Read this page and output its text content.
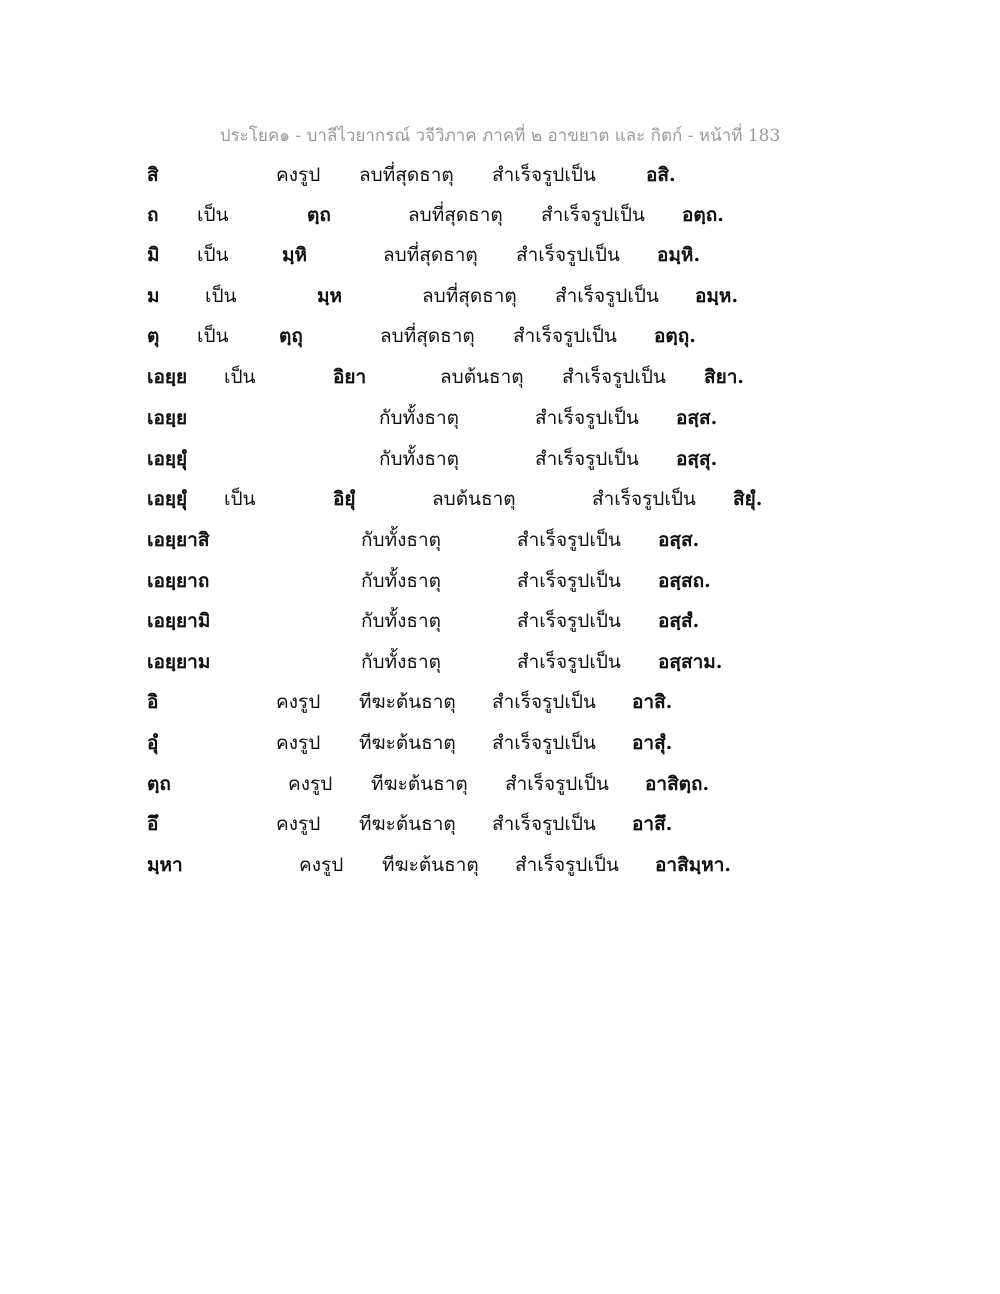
ประโยค๑ - บาลีไวยากรณ์ วจีวิภาค ภาคที่ ๒ อาขยาต และ กิตก์ - หน้าที่ 183
สิ	คงรูป ลบที่สุดธาตุ สำเร็จรูปเป็น	อสิ.
ถ เป็น	ตฺถ	ลบที่สุดธาตุ สำเร็จรูปเป็น อตฺถ.
มิ เป็น	มฺหิ	ลบที่สุดธาตุ สำเร็จรูปเป็น อมฺหิ.
ม เป็น	มฺห	ลบที่สุดธาตุ สำเร็จรูปเป็น อมฺห.
ตุ เป็น	ตฺถุ	ลบที่สุดธาตุ สำเร็จรูปเป็น อตฺถุ.
เอยฺย เป็น	อิยา	ลบต้นธาตุ สำเร็จรูปเป็น สิยา.
เอยฺย	กับทั้งธาตุ	สำเร็จรูปเป็น อสฺส.
เอยฺยุํ	กับทั้งธาตุ	สำเร็จรูปเป็น อสฺสุ.
เอยฺยุํ เป็น	อิยุํ	ลบต้นธาตุ	สำเร็จรูปเป็น สิยุํ.
เอยฺยาสิ	กับทั้งธาตุ	สำเร็จรูปเป็น อสฺส.
เอยฺยาถ	กับทั้งธาตุ	สำเร็จรูปเป็น อสฺสถ.
เอยฺยามิ	กับทั้งธาตุ	สำเร็จรูปเป็น อสฺสํ.
เอยฺยาม	กับทั้งธาตุ	สำเร็จรูปเป็น อสฺสาม.
อิ	คงรูป ทีฆะต้นธาตุ สำเร็จรูปเป็น อาสิ.
อุํ	คงรูป ทีฆะต้นธาตุ สำเร็จรูปเป็น อาสุํ.
ตฺถ	คงรูป ทีฆะต้นธาตุ สำเร็จรูปเป็น อาสิตฺถ.
อึ	คงรูป ทีฆะต้นธาตุ สำเร็จรูปเป็น อาสึ.
มฺหา	คงรูป ทีฆะต้นธาตุ สำเร็จรูปเป็น อาสิมฺหา.
